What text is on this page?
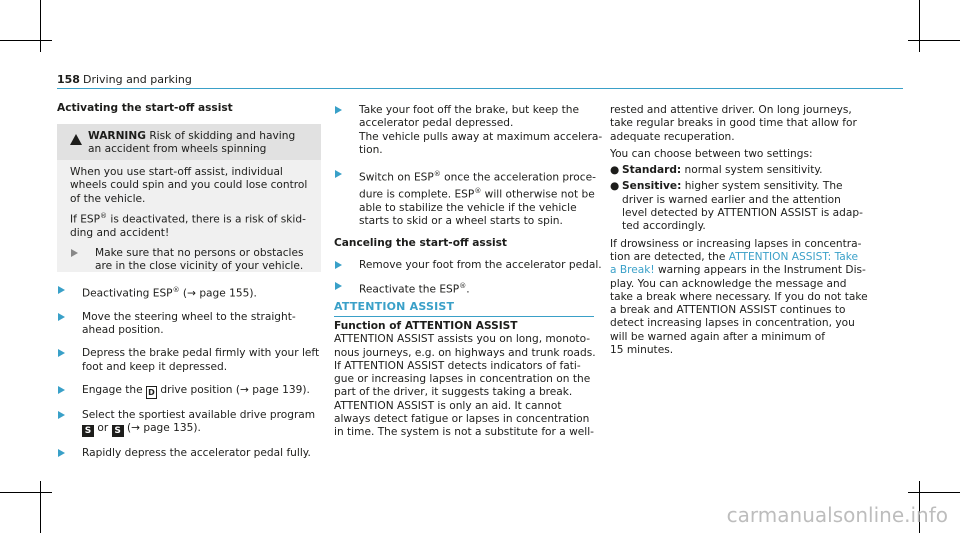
158 Driving and parking

Activating the start-off assist

WARNING Risk of skidding and having
an accident from wheels spinning

When you use start-off assist, individual
wheels could spin and you could lose control
of the vehicle.

If ESP® is deactivated, there is a risk of skid-
ding and accident!

Make sure that no persons or obstacles
are in the close vicinity of your vehicle.

Deactivating ESP® (→ page 155).

Move the steering wheel to the straight-
ahead position.

Depress the brake pedal firmly with your left
foot and keep it depressed.

Engage the D drive position (→ page 139).

Select the sportiest available drive program
S or S (→ page 135).

Rapidly depress the accelerator pedal fully.

Take your foot off the brake, but keep the
accelerator pedal depressed.
The vehicle pulls away at maximum accelera-
tion.

Switch on ESP® once the acceleration proce-
dure is complete. ESP® will otherwise not be
able to stabilize the vehicle if the vehicle
starts to skid or a wheel starts to spin.

Canceling the start-off assist

Remove your foot from the accelerator pedal.

Reactivate the ESP®.

ATTENTION ASSIST

Function of ATTENTION ASSIST

ATTENTION ASSIST assists you on long, monoto-
nous journeys, e.g. on highways and trunk roads.
If ATTENTION ASSIST detects indicators of fati-
gue or increasing lapses in concentration on the
part of the driver, it suggests taking a break.
ATTENTION ASSIST is only an aid. It cannot
always detect fatigue or lapses in concentration
in time. The system is not a substitute for a well-

rested and attentive driver. On long journeys,
take regular breaks in good time that allow for
adequate recuperation.

You can choose between two settings:

● Standard: normal system sensitivity.

● Sensitive: higher system sensitivity. The
driver is warned earlier and the attention
level detected by ATTENTION ASSIST is adap-
ted accordingly.

If drowsiness or increasing lapses in concentra-
tion are detected, the ATTENTION ASSIST: Take
a Break! warning appears in the Instrument Dis-
play. You can acknowledge the message and
take a break where necessary. If you do not take
a break and ATTENTION ASSIST continues to
detect increasing lapses in concentration, you
will be warned again after a minimum of
15 minutes.

carmanualsonline.info
